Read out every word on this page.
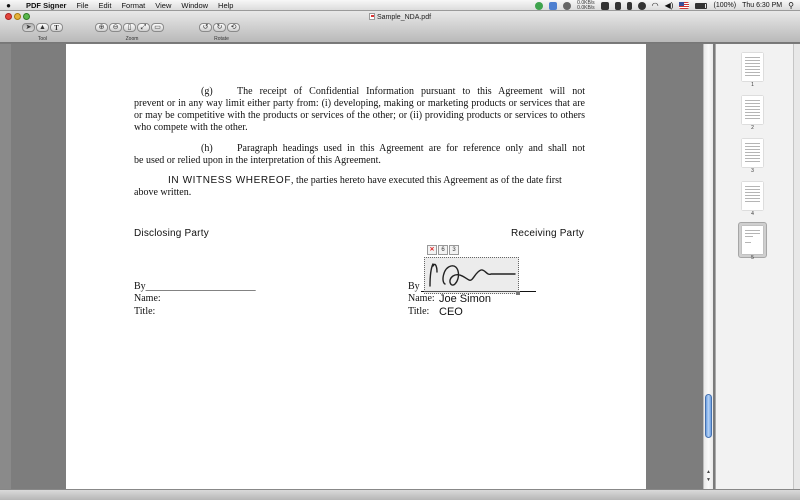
● PDF Signer File Edit Format View Window Help	0.0KB/s
0.0KB/s	◠ ◀)	(100%) Thu 6:30 PM ⚲
Sample_NDA.pdf
➤	▲	T
Tool
⊕	⊖	▯	⤢	▭
Zoom
↺	↻	⟲
Rotate
(g)	The receipt of Confidential Information pursuant to this Agreement will not
prevent or in any way limit either party from: (i) developing, making or marketing products or services that are or may be competitive with the products or services of the other; or (ii) providing products or services to others who compete with the other.
(h)	Paragraph headings used in this Agreement are for reference only and shall not
be used or relied upon in the interpretation of this Agreement.
IN WITNESS WHEREOF, the parties hereto have executed this Agreement as of the date first
above written.
Disclosing Party	Receiving Party
By______________________
Name:
Title:
By
Name: Joe Simon
Title: CEO
✕	6	3
▲
▼
1
2
3
4
5
